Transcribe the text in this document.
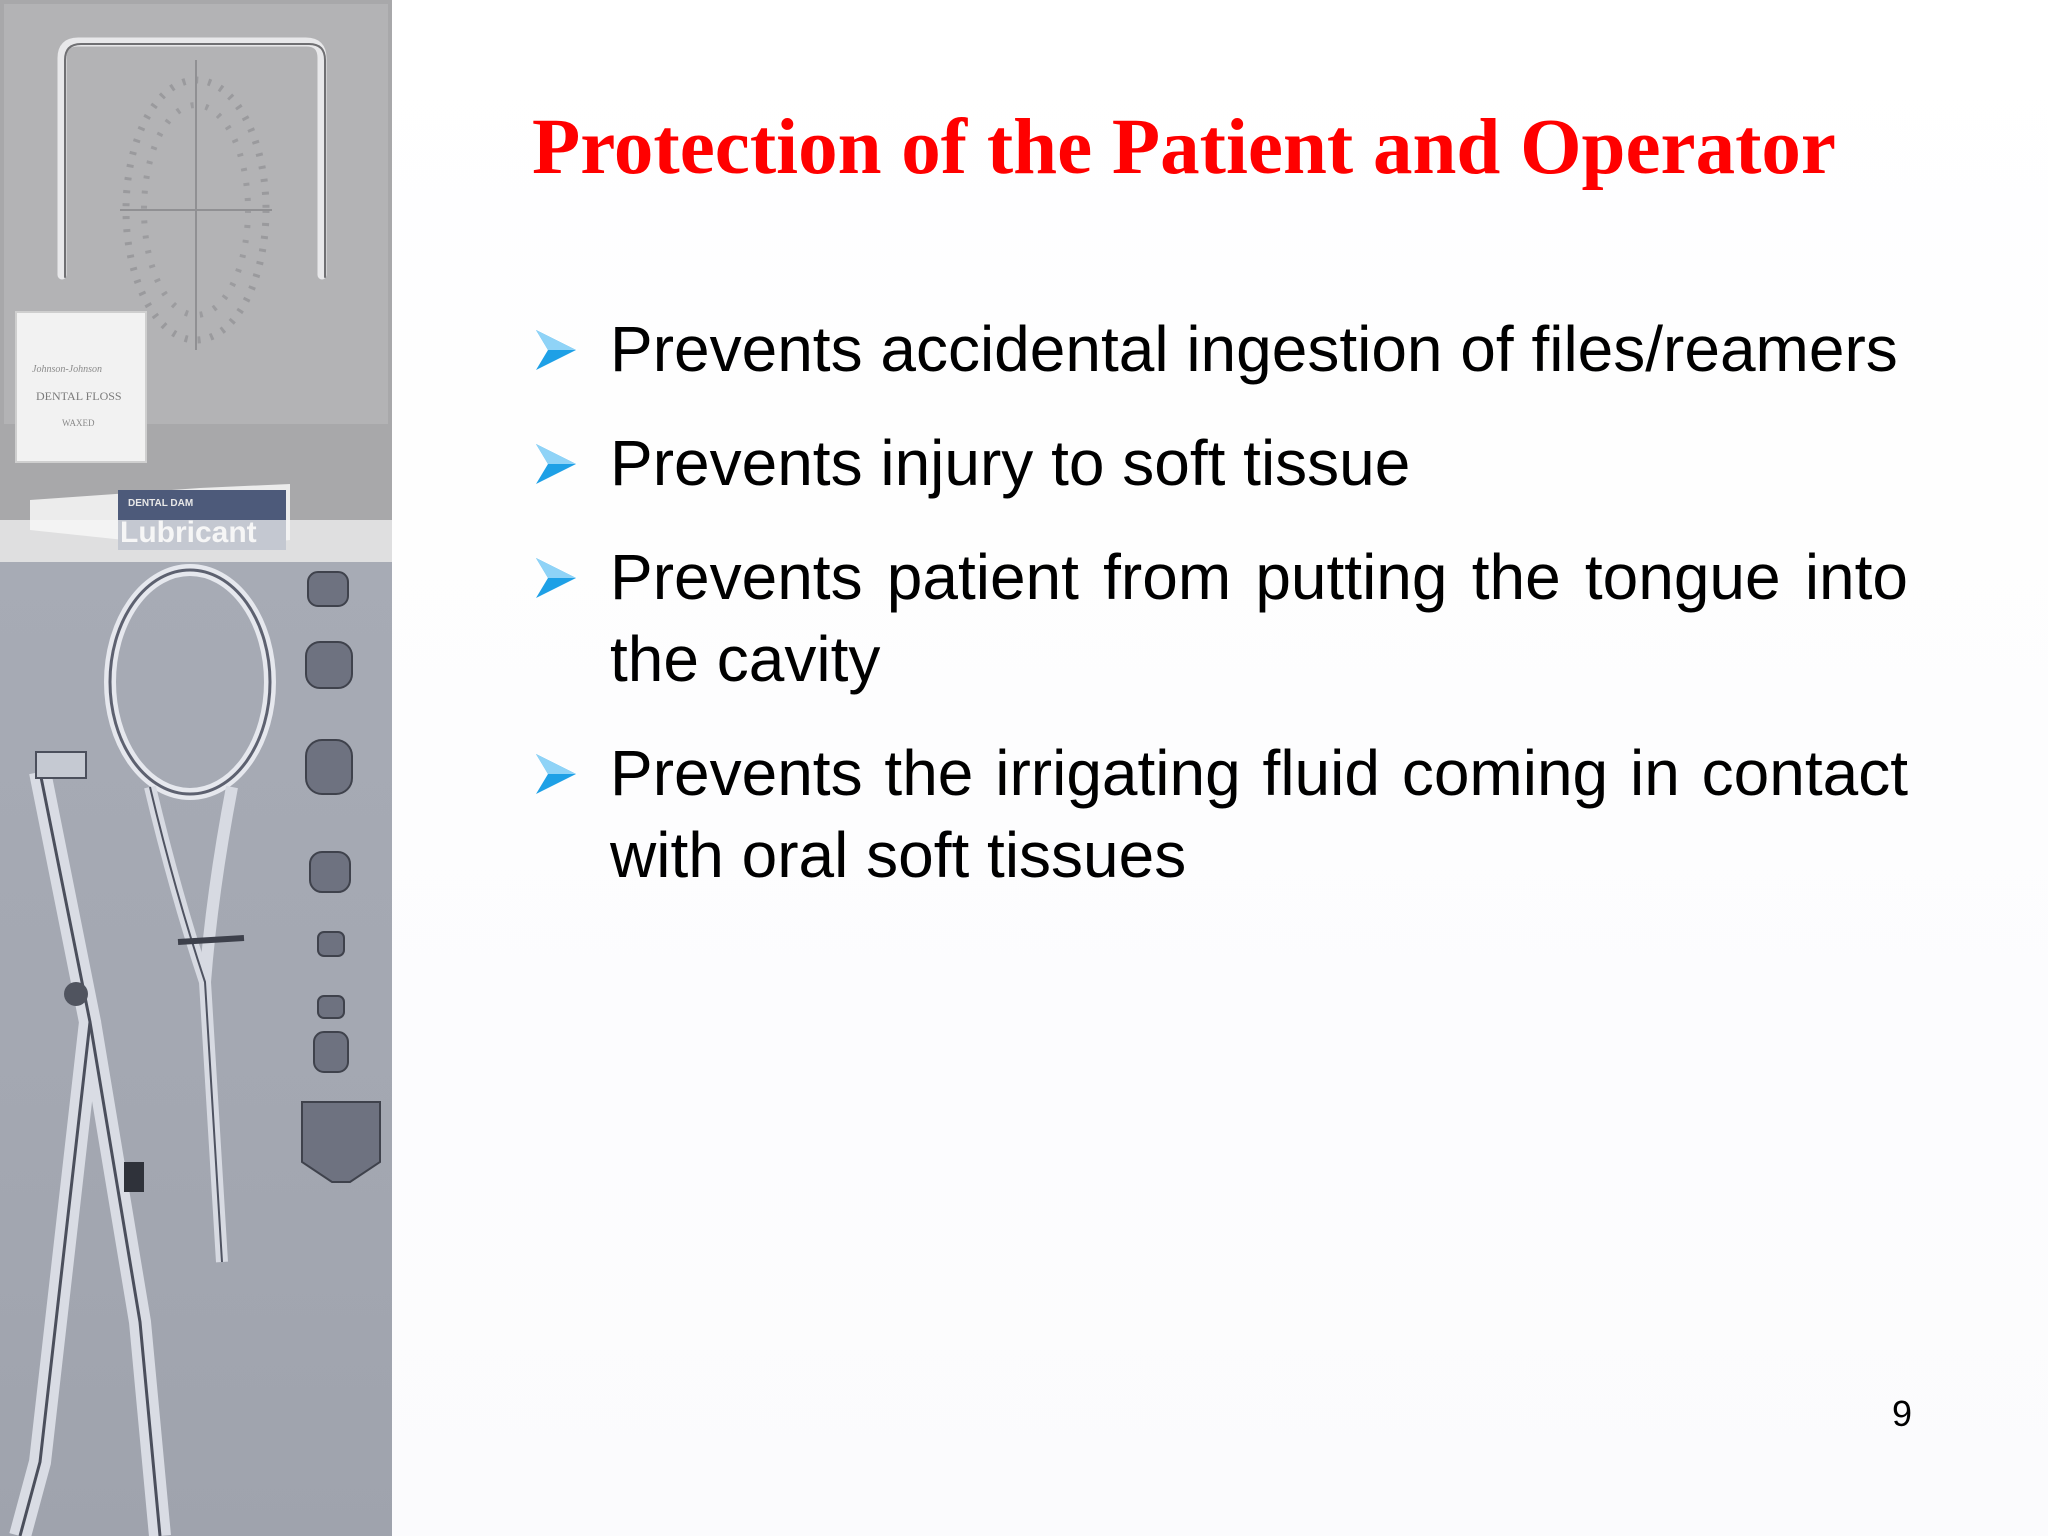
Johnson-Johnson
DENTAL FLOSS
WAXED
DENTAL DAM
Protection of the Patient and Operator
Prevents accidental ingestion of files/reamers
Prevents injury to soft tissue
Prevents patient from putting the tongue into the cavity
Prevents the irrigating fluid coming in contact with oral soft tissues
9
